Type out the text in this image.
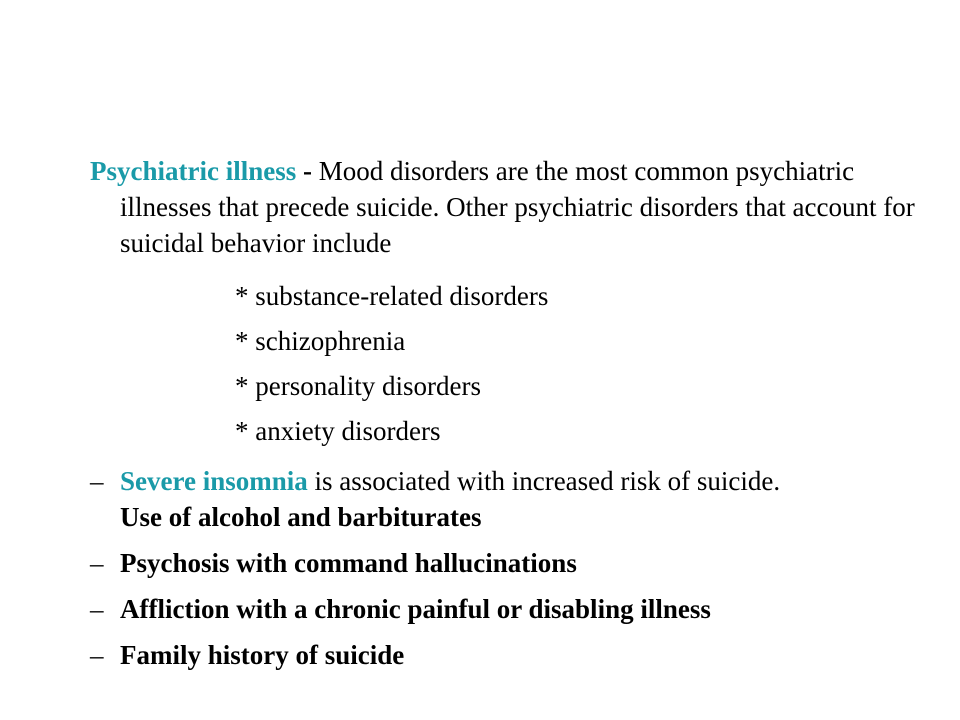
Psychiatric illness - Mood disorders are the most common psychiatric illnesses that precede suicide. Other psychiatric disorders that account for suicidal behavior include

* substance-related disorders
* schizophrenia
* personality disorders
* anxiety disorders
– Severe insomnia is associated with increased risk of suicide.
Use of alcohol and barbiturates
– Psychosis with command hallucinations
– Affliction with a chronic painful or disabling illness
– Family history of suicide
